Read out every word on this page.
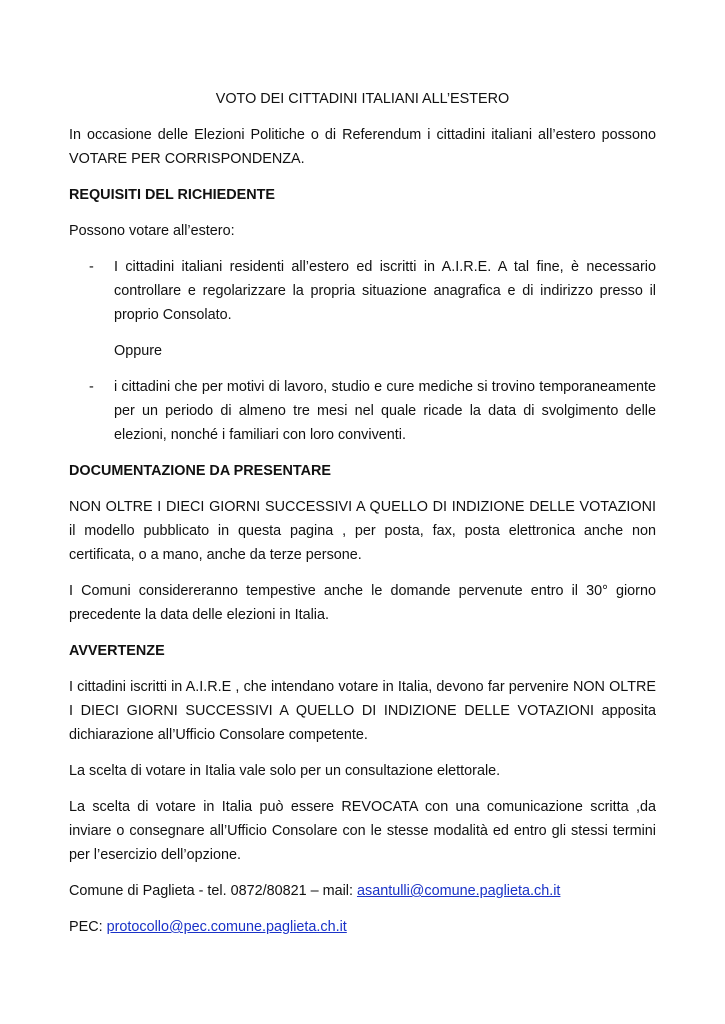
VOTO DEI CITTADINI ITALIANI ALL’ESTERO

In occasione delle Elezioni Politiche o di Referendum i cittadini italiani all’estero possono VOTARE PER CORRISPONDENZA.

REQUISITI DEL RICHIEDENTE

Possono votare all’estero:

- I cittadini italiani residenti all’estero ed iscritti in A.I.R.E. A tal fine, è necessario controllare e regolarizzare la propria situazione anagrafica e di indirizzo presso il proprio Consolato.
Oppure
- i cittadini che per motivi di lavoro, studio e cure mediche si trovino temporaneamente per un periodo di almeno tre mesi nel quale ricade la data di svolgimento delle elezioni, nonché i familiari con loro conviventi.
DOCUMENTAZIONE DA PRESENTARE

NON OLTRE I DIECI GIORNI SUCCESSIVI A QUELLO DI INDIZIONE DELLE VOTAZIONI il modello pubblicato in questa pagina , per posta, fax, posta elettronica anche non certificata, o a mano, anche da terze persone.

I Comuni considereranno tempestive anche le domande pervenute entro il 30° giorno precedente la data delle elezioni in Italia.

AVVERTENZE

I cittadini iscritti in A.I.R.E , che intendano votare in Italia, devono far pervenire NON OLTRE I DIECI GIORNI SUCCESSIVI A QUELLO DI INDIZIONE DELLE VOTAZIONI apposita dichiarazione all’Ufficio Consolare competente.

La scelta di votare in Italia vale solo per un consultazione elettorale.

La scelta di votare in Italia può essere REVOCATA con una comunicazione scritta ,da inviare o consegnare all’Ufficio Consolare con le stesse modalità ed entro gli stessi termini per l’esercizio dell’opzione.

Comune di Paglieta - tel. 0872/80821 – mail: asantulli@comune.paglieta.ch.it

PEC: protocollo@pec.comune.paglieta.ch.it
